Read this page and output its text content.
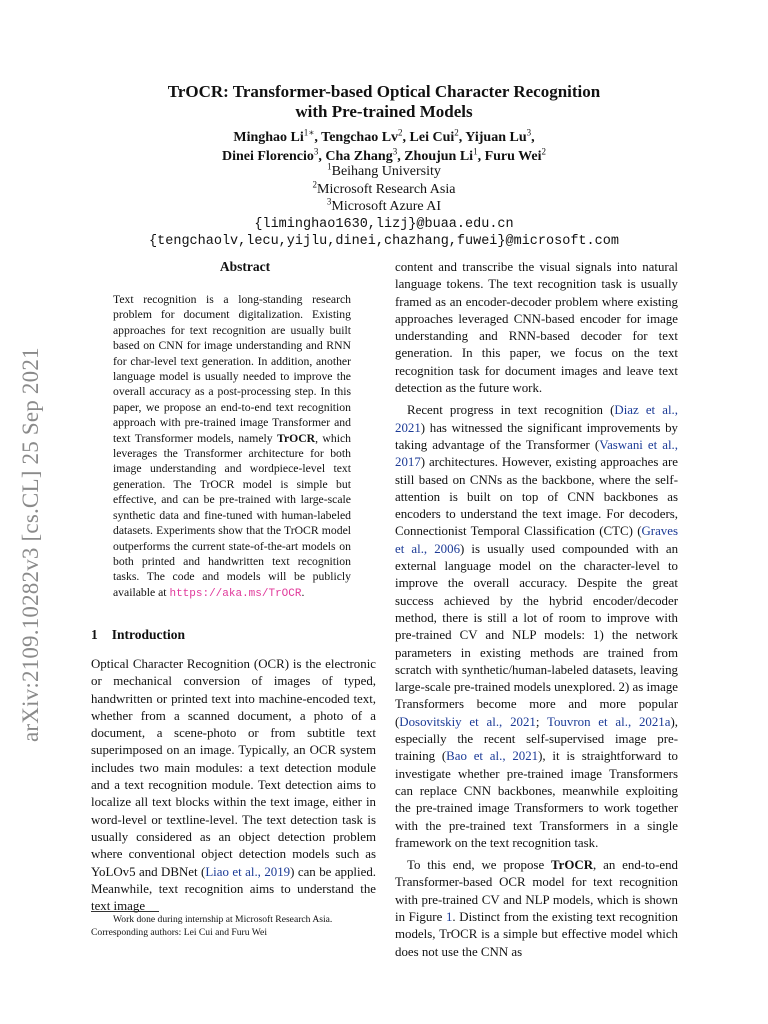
arXiv:2109.10282v3 [cs.CL] 25 Sep 2021
TrOCR: Transformer-based Optical Character Recognition
with Pre-trained Models
Minghao $Li^{1∗}$, Tengchao Lv$^2$, Lei Cui$^2$, Yijuan Lu$^3$,
Dinei Florencio$^3$, Cha Zhang$^3$, Zhoujun Li$^1$, Furu Wei$^2$
$^1$Beihang University
$^2$Microsoft Research Asia
$^3$Microsoft Azure AI
{liminghao1630,lizj}@buaa.edu.cn
{tengchaolv,lecu,yijlu,dinei,chazhang,fuwei}@microsoft.com
Abstract
Text recognition is a long-standing research problem for document digitalization. Existing approaches for text recognition are usually built based on CNN for image understanding and RNN for char-level text generation. In addition, another language model is usually needed to improve the overall accuracy as a post-processing step. In this paper, we propose an end-to-end text recognition approach with pre-trained image Transformer and text Transformer models, namely TrOCR, which leverages the Transformer architecture for both image understanding and wordpiece-level text generation. The TrOCR model is simple but effective, and can be pre-trained with large-scale synthetic data and fine-tuned with human-labeled datasets. Experiments show that the TrOCR model outperforms the current state-of-the-art models on both printed and handwritten text recognition tasks. The code and models will be publicly available at https://aka.ms/TrOCR.
1 Introduction
Optical Character Recognition (OCR) is the electronic or mechanical conversion of images of typed, handwritten or printed text into machine-encoded text, whether from a scanned document, a photo of a document, a scene-photo or from subtitle text superimposed on an image. Typically, an OCR system includes two main modules: a text detection module and a text recognition module. Text detection aims to localize all text blocks within the text image, either in word-level or textline-level. The text detection task is usually considered as an object detection problem where conventional object detection models such as YoLOv5 and DBNet (Liao et al., 2019) can be applied. Meanwhile, text recognition aims to understand the text image

content and transcribe the visual signals into natural language tokens. The text recognition task is usually framed as an encoder-decoder problem where existing approaches leveraged CNN-based encoder for image understanding and RNN-based decoder for text generation. In this paper, we focus on the text recognition task for document images and leave text detection as the future work.

Recent progress in text recognition (Diaz et al., 2021) has witnessed the significant improvements by taking advantage of the Transformer (Vaswani et al., 2017) architectures. However, existing approaches are still based on CNNs as the backbone, where the self-attention is built on top of CNN backbones as encoders to understand the text image. For decoders, Connectionist Temporal Classification (CTC) (Graves et al., 2006) is usually used compounded with an external language model on the character-level to improve the overall accuracy. Despite the great success achieved by the hybrid encoder/decoder method, there is still a lot of room to improve with pre-trained CV and NLP models: 1) the network parameters in existing methods are trained from scratch with synthetic/human-labeled datasets, leaving large-scale pre-trained models unexplored. 2) as image Transformers become more and more popular (Dosovitskiy et al., 2021; Touvron et al., 2021a), especially the recent self-supervised image pre-training (Bao et al., 2021), it is straightforward to investigate whether pre-trained image Transformers can replace CNN backbones, meanwhile exploiting the pre-trained image Transformers to work together with the pre-trained text Transformers in a single framework on the text recognition task.

To this end, we propose TrOCR, an end-to-end Transformer-based OCR model for text recognition with pre-trained CV and NLP models, which is shown in Figure 1. Distinct from the existing text recognition models, TrOCR is a simple but effective model which does not use the CNN as

Work done during internship at Microsoft Research Asia.
Corresponding authors: Lei Cui and Furu Wei
